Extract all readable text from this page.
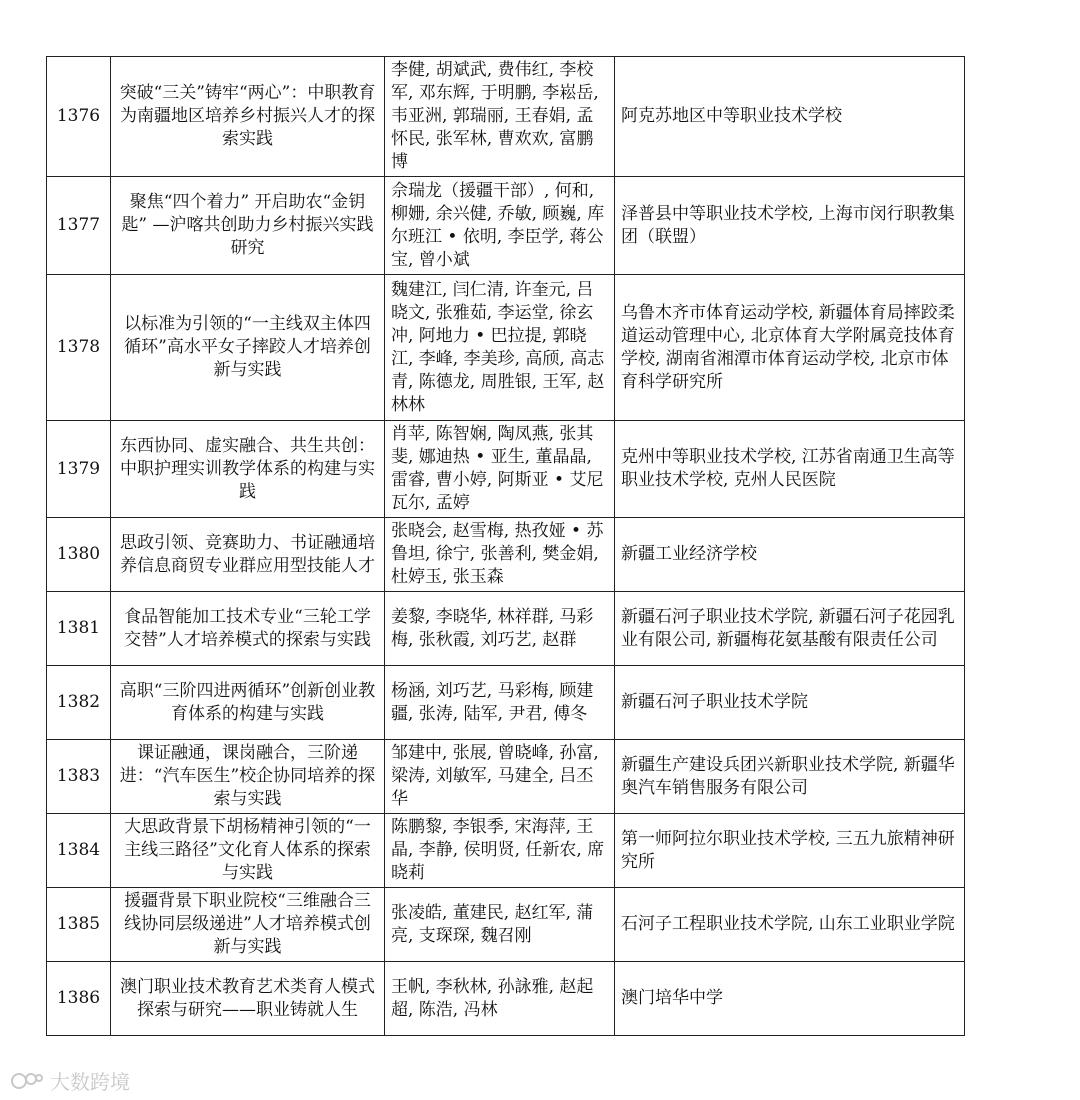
1376	突破“三关”铸牢“两心”：中职教育为南疆地区培养乡村振兴人才的探索实践	李健, 胡斌武, 费伟红, 李校军, 邓东辉, 于明鹏, 李崧岳, 韦亚洲, 郭瑞丽, 王春娟, 孟怀民, 张军林, 曹欢欢, 富鹏博	阿克苏地区中等职业技术学校
1377	聚焦“四个着力” 开启助农“金钥匙” —沪喀共创助力乡村振兴实践研究	佘瑞龙（援疆干部）, 何和, 柳姗, 余兴健, 乔敏, 顾巍, 库尔班江 • 依明, 李臣学, 蒋公宝, 曾小斌	泽普县中等职业技术学校, 上海市闵行职教集团（联盟）
1378	以标准为引领的“一主线双主体四循环”高水平女子摔跤人才培养创新与实践	魏建江, 闫仁清, 许奎元, 吕晓文, 张雅茹, 李运堂, 徐玄冲, 阿地力 • 巴拉提, 郭晓江, 李峰, 李美珍, 高颀, 高志青, 陈德龙, 周胜银, 王军, 赵林林	乌鲁木齐市体育运动学校, 新疆体育局摔跤柔道运动管理中心, 北京体育大学附属竞技体育学校, 湖南省湘潭市体育运动学校, 北京市体育科学研究所
1379	东西协同、虚实融合、共生共创： 中职护理实训教学体系的构建与实践	肖苹, 陈智娴, 陶凤燕, 张其斐, 娜迪热 • 亚生, 董晶晶, 雷睿, 曹小婷, 阿斯亚 • 艾尼瓦尔, 孟婷	克州中等职业技术学校, 江苏省南通卫生高等职业技术学校, 克州人民医院
1380	思政引领、竞赛助力、书证融通培养信息商贸专业群应用型技能人才	张晓会, 赵雪梅, 热孜娅 • 苏鲁坦, 徐宁, 张善利, 樊金娟, 杜婷玉, 张玉森	新疆工业经济学校
1381	食品智能加工技术专业“三轮工学交替”人才培养模式的探索与实践	姜黎, 李晓华, 林祥群, 马彩梅, 张秋霞, 刘巧艺, 赵群	新疆石河子职业技术学院, 新疆石河子花园乳业有限公司, 新疆梅花氨基酸有限责任公司
1382	高职“三阶四进两循环”创新创业教育体系的构建与实践	杨涵, 刘巧艺, 马彩梅, 顾建疆, 张涛, 陆军, 尹君, 傅冬	新疆石河子职业技术学院
1383	课证融通，课岗融合，三阶递进：“汽车医生”校企协同培养的探索与实践	邹建中, 张展, 曾晓峰, 孙富, 梁涛, 刘敏军, 马建全, 吕丕华	新疆生产建设兵团兴新职业技术学院, 新疆华奥汽车销售服务有限公司
1384	大思政背景下胡杨精神引领的“一主线三路径”文化育人体系的探索与实践	陈鹏黎, 李银季, 宋海萍, 王晶, 李静, 侯明贤, 任新农, 席晓莉	第一师阿拉尔职业技术学校, 三五九旅精神研究所
1385	援疆背景下职业院校“三维融合三线协同层级递进”人才培养模式创新与实践	张凌皓, 董建民, 赵红军, 蒲亮, 支琛琛, 魏召刚	石河子工程职业技术学院, 山东工业职业学院
1386	澳门职业技术教育艺术类育人模式探索与研究——职业铸就人生	王帆, 李秋林, 孙詠雅, 赵起超, 陈浩, 冯林	澳门培华中学
大数跨境
